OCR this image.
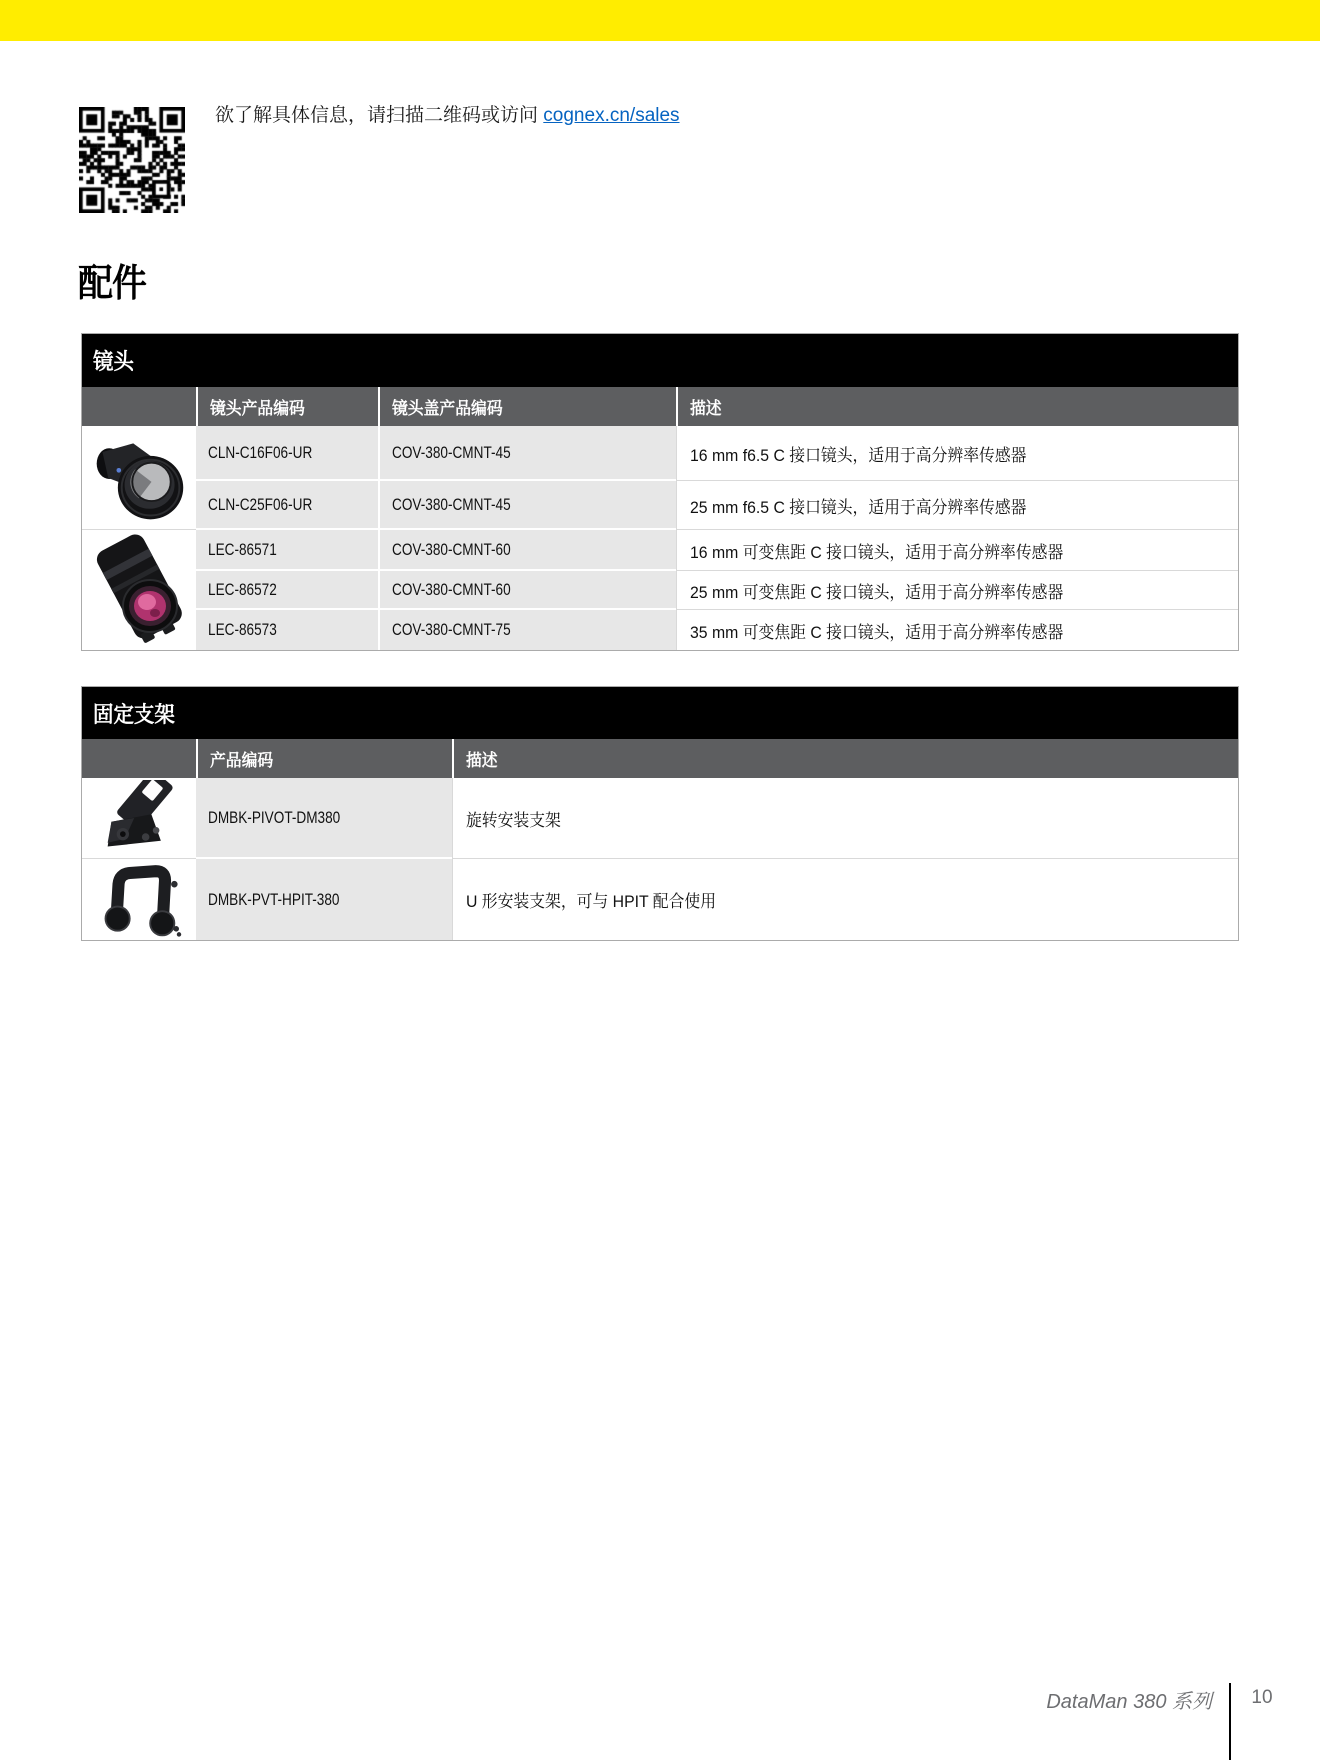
欲了解具体信息，请扫描二维码或访问 cognex.cn/sales
配件
镜头
镜头产品编码	镜头盖产品编码	描述
CLN-C16F06-UR	COV-380-CMNT-45	16 mm f6.5 C 接口镜头，适用于高分辨率传感器
CLN-C25F06-UR	COV-380-CMNT-45	25 mm f6.5 C 接口镜头，适用于高分辨率传感器
LEC-86571	COV-380-CMNT-60	16 mm 可变焦距 C 接口镜头，适用于高分辨率传感器
LEC-86572	COV-380-CMNT-60	25 mm 可变焦距 C 接口镜头，适用于高分辨率传感器
LEC-86573	COV-380-CMNT-75	35 mm 可变焦距 C 接口镜头，适用于高分辨率传感器
固定支架
产品编码	描述
DMBK-PIVOT-DM380	旋转安装支架
DMBK-PVT-HPIT-380	U 形安装支架，可与 HPIT 配合使用
DataMan 380 系列	10
